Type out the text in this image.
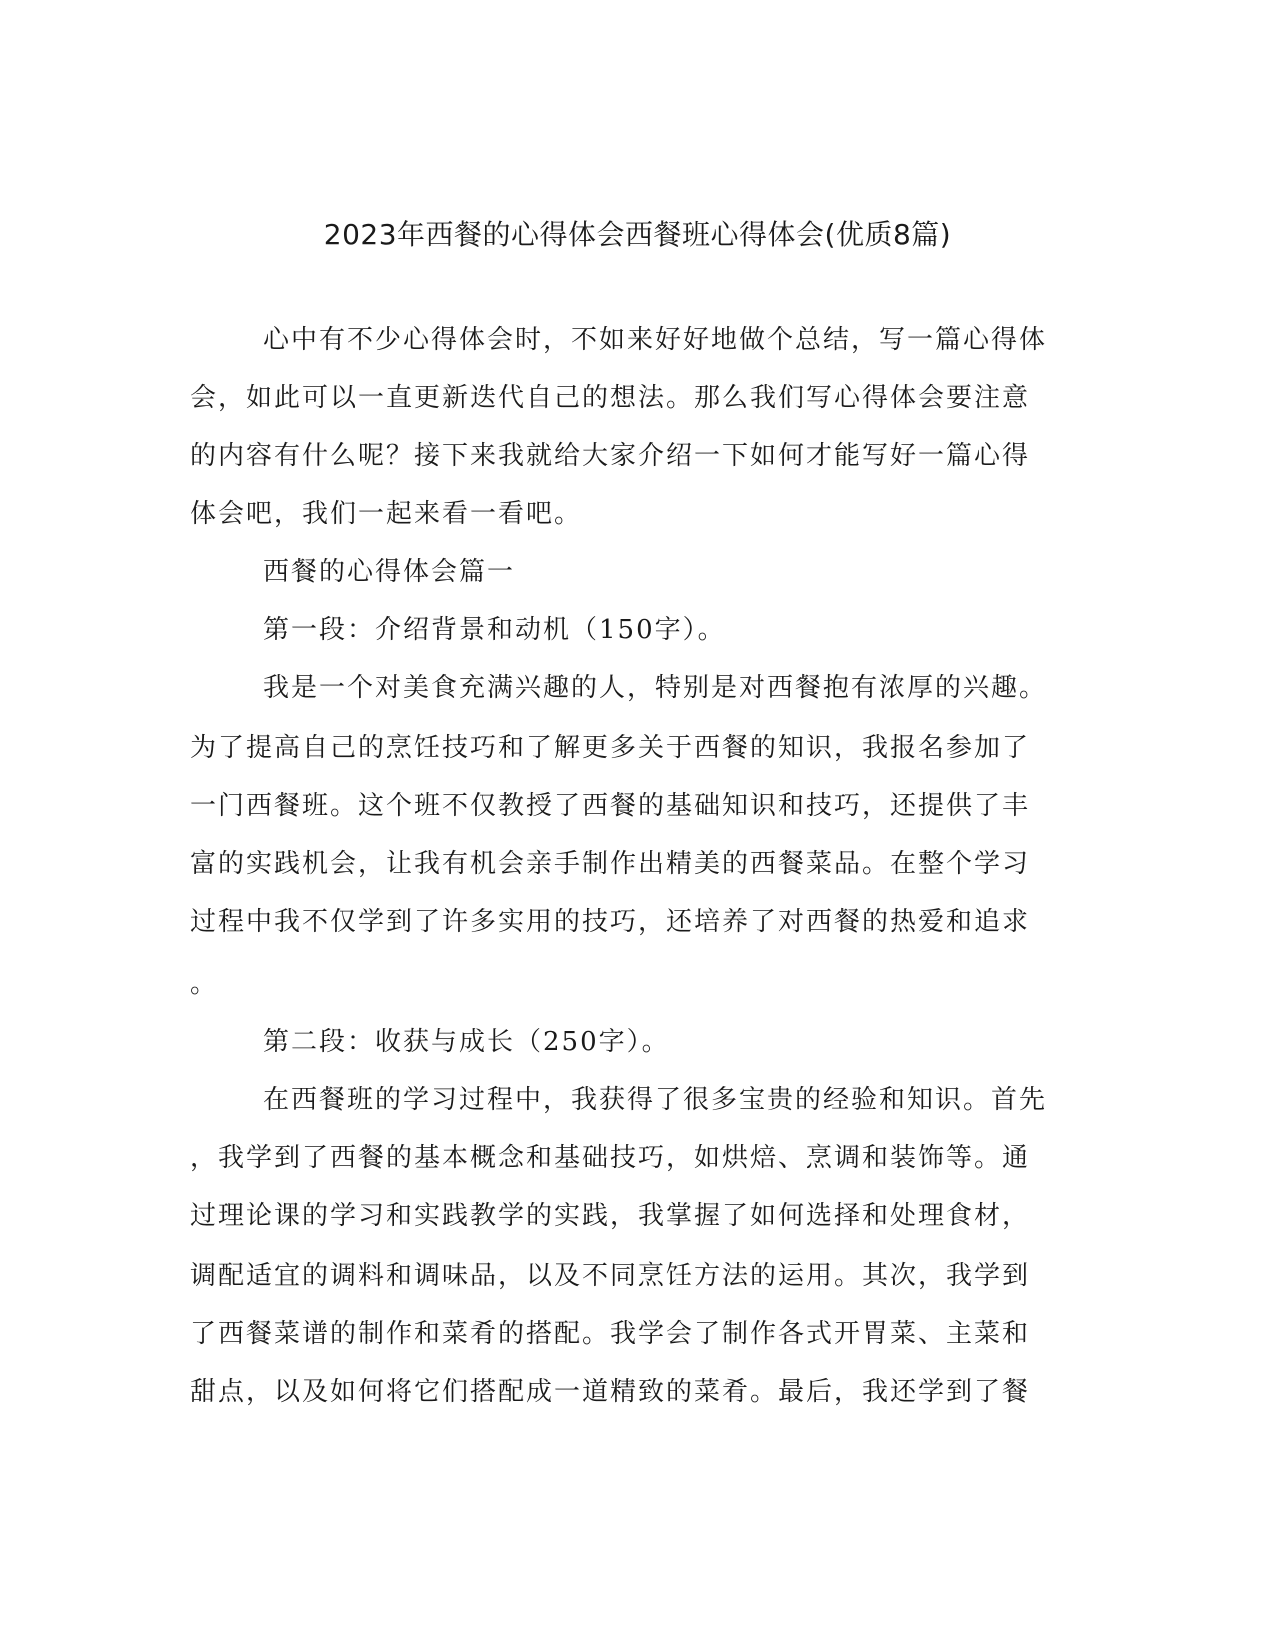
2023年西餐的心得体会西餐班心得体会(优质8篇)

心中有不少心得体会时，不如来好好地做个总结，写一篇心得体

会，如此可以一直更新迭代自己的想法。那么我们写心得体会要注意

的内容有什么呢？接下来我就给大家介绍一下如何才能写好一篇心得

体会吧，我们一起来看一看吧。

西餐的心得体会篇一

第一段：介绍背景和动机（150字）。

我是一个对美食充满兴趣的人，特别是对西餐抱有浓厚的兴趣。

为了提高自己的烹饪技巧和了解更多关于西餐的知识，我报名参加了

一门西餐班。这个班不仅教授了西餐的基础知识和技巧，还提供了丰

富的实践机会，让我有机会亲手制作出精美的西餐菜品。在整个学习

过程中我不仅学到了许多实用的技巧，还培养了对西餐的热爱和追求

。

第二段：收获与成长（250字）。

在西餐班的学习过程中，我获得了很多宝贵的经验和知识。首先

，我学到了西餐的基本概念和基础技巧，如烘焙、烹调和装饰等。通

过理论课的学习和实践教学的实践，我掌握了如何选择和处理食材，

调配适宜的调料和调味品，以及不同烹饪方法的运用。其次，我学到

了西餐菜谱的制作和菜肴的搭配。我学会了制作各式开胃菜、主菜和

甜点，以及如何将它们搭配成一道精致的菜肴。最后，我还学到了餐
